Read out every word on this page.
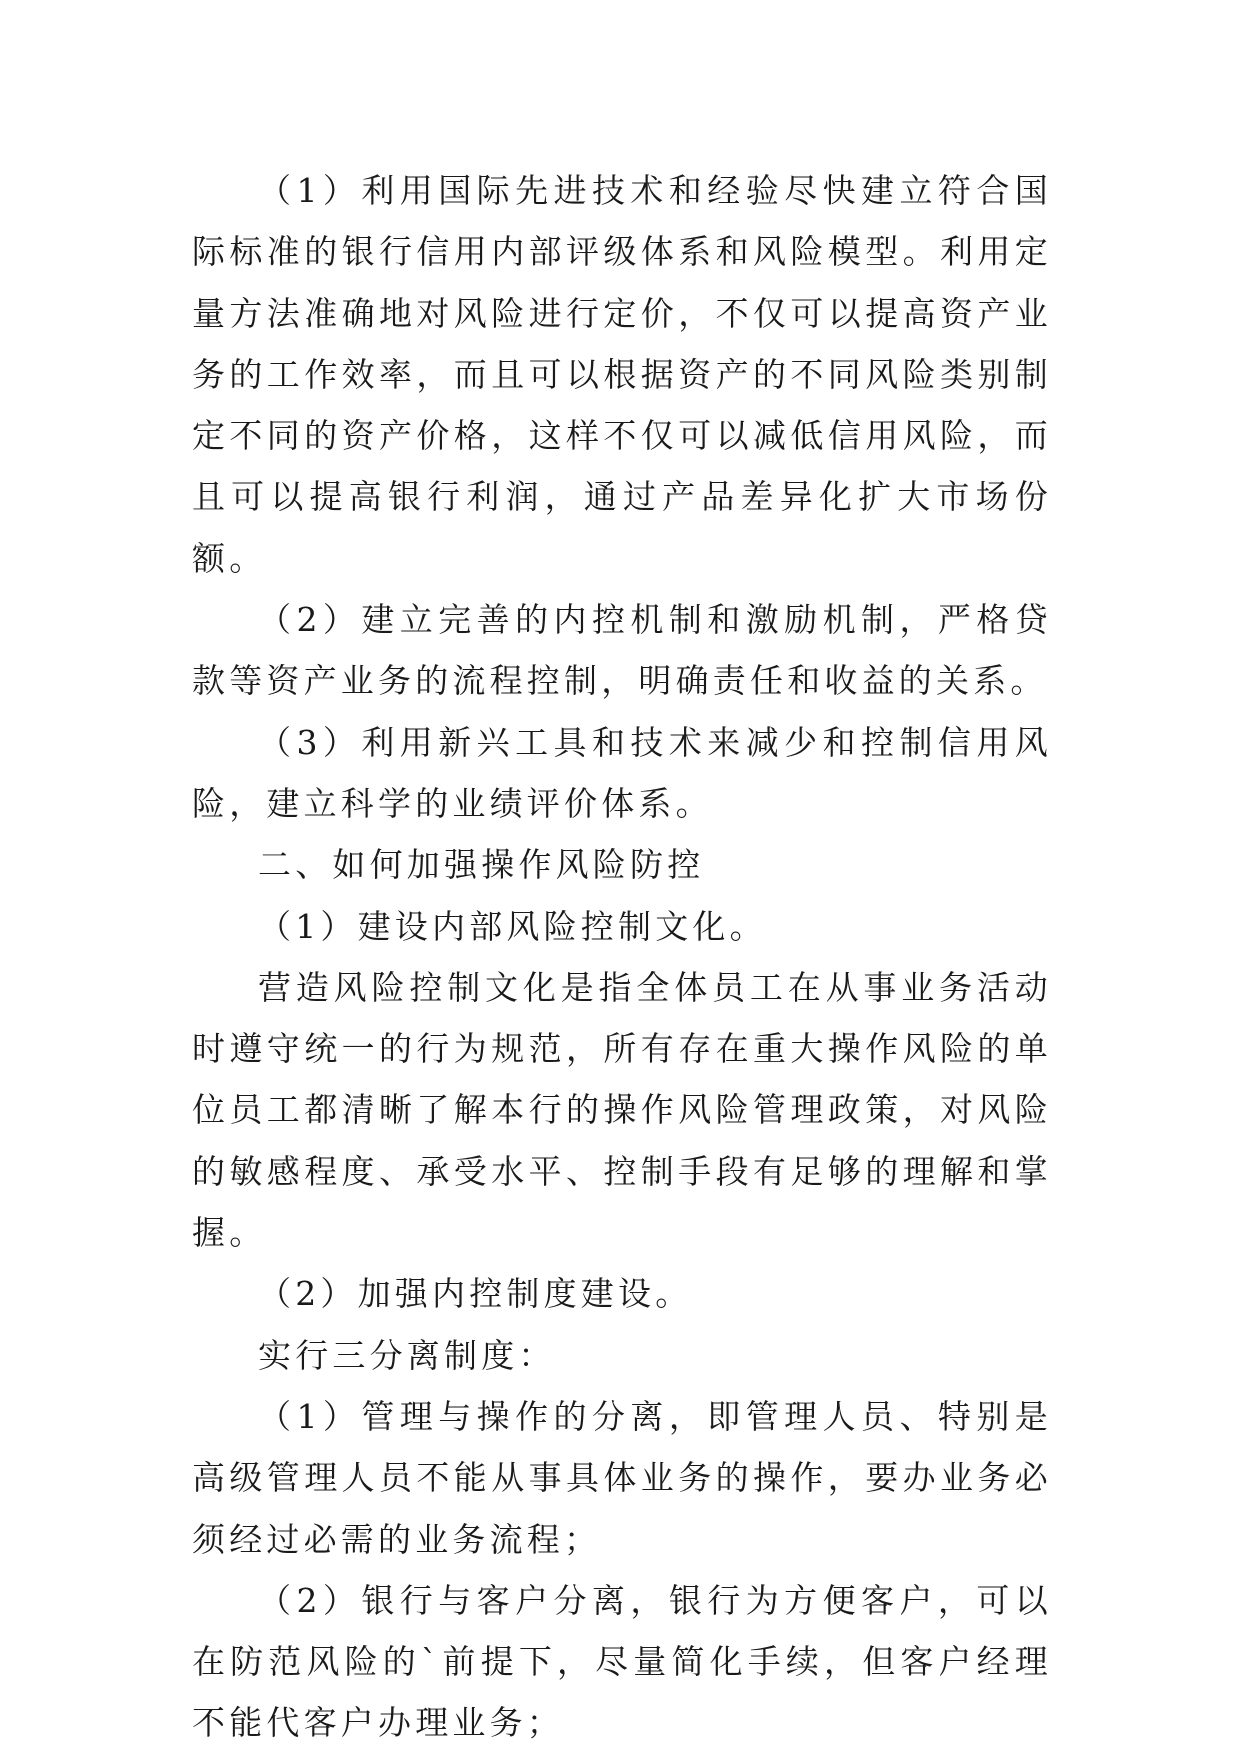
（1）利用国际先进技术和经验尽快建立符合国际标准的银行信用内部评级体系和风险模型。利用定量方法准确地对风险进行定价，不仅可以提高资产业务的工作效率，而且可以根据资产的不同风险类别制定不同的资产价格，这样不仅可以减低信用风险，而且可以提高银行利润，通过产品差异化扩大市场份额。

（2）建立完善的内控机制和激励机制，严格贷款等资产业务的流程控制，明确责任和收益的关系。

（3）利用新兴工具和技术来减少和控制信用风险，建立科学的业绩评价体系。

二、如何加强操作风险防控

（1）建设内部风险控制文化。

营造风险控制文化是指全体员工在从事业务活动时遵守统一的行为规范，所有存在重大操作风险的单位员工都清晰了解本行的操作风险管理政策，对风险的敏感程度、承受水平、控制手段有足够的理解和掌握。

（2）加强内控制度建设。

实行三分离制度：

（1）管理与操作的分离，即管理人员、特别是高级管理人员不能从事具体业务的操作，要办业务必须经过必需的业务流程；

（2）银行与客户分离，银行为方便客户，可以在防范风险的`前提下，尽量简化手续，但客户经理不能代客户办理业务；
